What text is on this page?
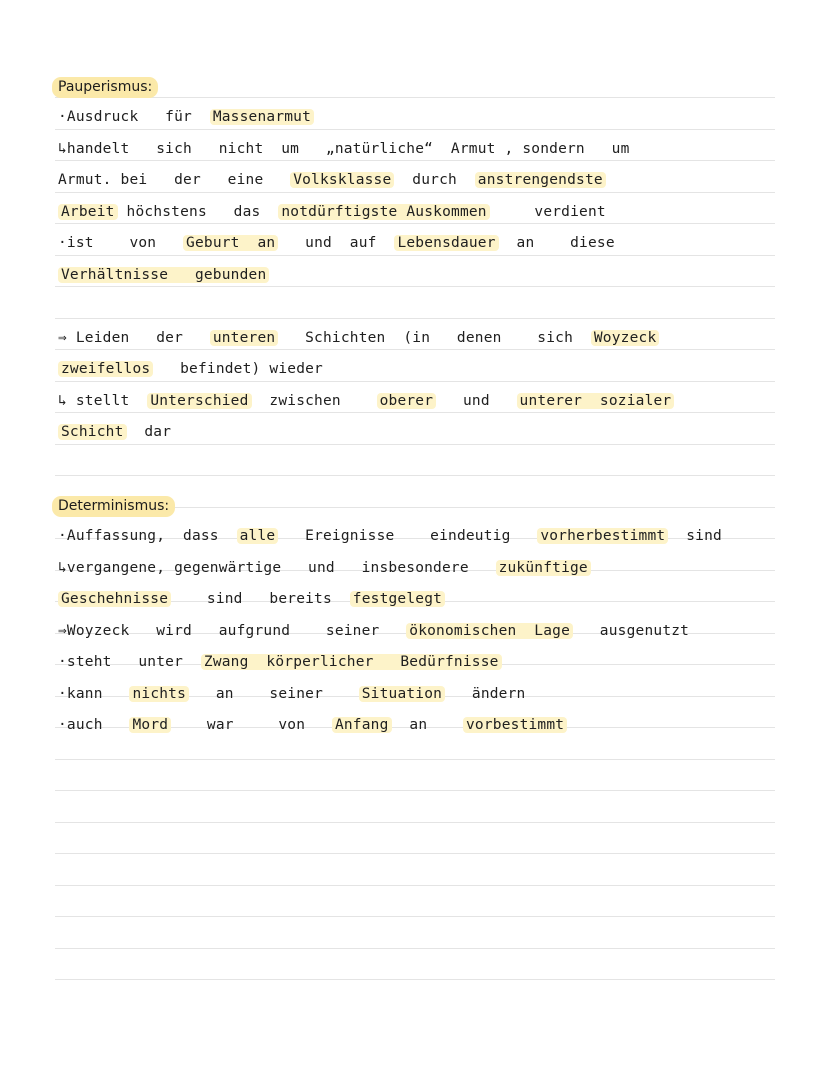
Pauperismus:
·Ausdruck   für  Massenarmut
↳handelt   sich   nicht  um   „natürliche“  Armut , sondern   um
Armut. bei   der   eine   Volksklasse  durch  anstrengendste
Arbeit höchstens   das  notdürftigste Auskommen     verdient
·ist    von   Geburt  an   und  auf  Lebensdauer  an    diese
Verhältnisse   gebunden
⇒ Leiden   der   unteren   Schichten  (in   denen    sich  Woyzeck
zweifellos   befindet) wieder
↳ stellt  Unterschied  zwischen    oberer   und   unterer  sozialer
Schicht  dar
Determinismus:
·Auffassung,  dass  alle   Ereignisse    eindeutig   vorherbestimmt  sind
↳vergangene, gegenwärtige   und   insbesondere   zukünftige
Geschehnisse    sind   bereits  festgelegt
⇒Woyzeck   wird   aufgrund    seiner   ökonomischen  Lage   ausgenutzt
·steht   unter  Zwang  körperlicher   Bedürfnisse
·kann   nichts   an    seiner    Situation   ändern
·auch   Mord    war     von   Anfang  an    vorbestimmt
